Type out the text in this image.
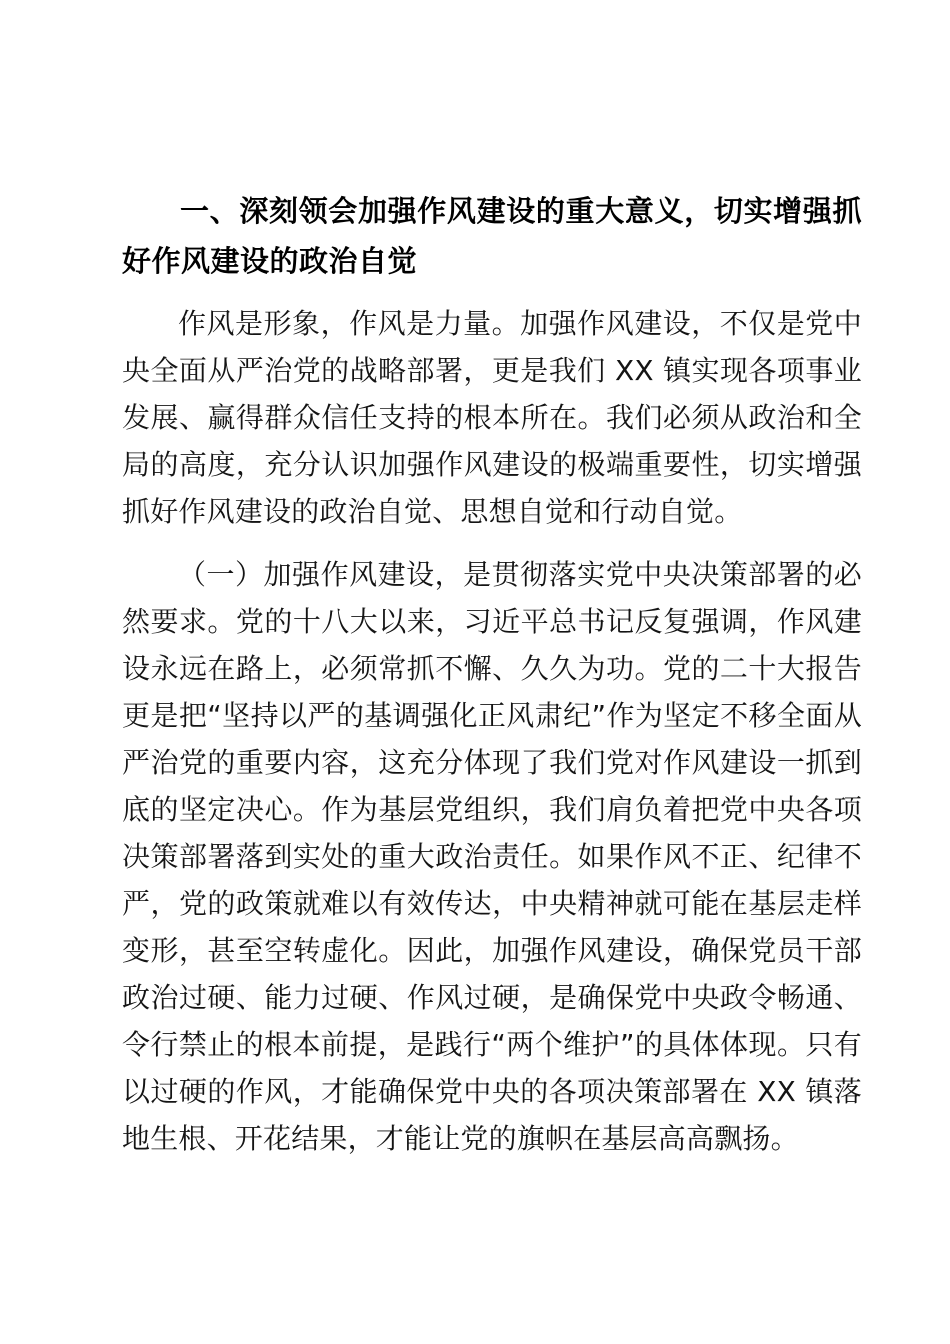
一、深刻领会加强作风建设的重大意义，切实增强抓好作风建设的政治自觉

作风是形象，作风是力量。加强作风建设，不仅是党中央全面从严治党的战略部署，更是我们 XX 镇实现各项事业发展、赢得群众信任支持的根本所在。我们必须从政治和全局的高度，充分认识加强作风建设的极端重要性，切实增强抓好作风建设的政治自觉、思想自觉和行动自觉。

（一）加强作风建设，是贯彻落实党中央决策部署的必然要求。党的十八大以来，习近平总书记反复强调，作风建设永远在路上，必须常抓不懈、久久为功。党的二十大报告更是把“坚持以严的基调强化正风肃纪”作为坚定不移全面从严治党的重要内容，这充分体现了我们党对作风建设一抓到底的坚定决心。作为基层党组织，我们肩负着把党中央各项决策部署落到实处的重大政治责任。如果作风不正、纪律不严，党的政策就难以有效传达，中央精神就可能在基层走样变形，甚至空转虚化。因此，加强作风建设，确保党员干部政治过硬、能力过硬、作风过硬，是确保党中央政令畅通、令行禁止的根本前提，是践行“两个维护”的具体体现。只有以过硬的作风，才能确保党中央的各项决策部署在 XX 镇落地生根、开花结果，才能让党的旗帜在基层高高飘扬。
